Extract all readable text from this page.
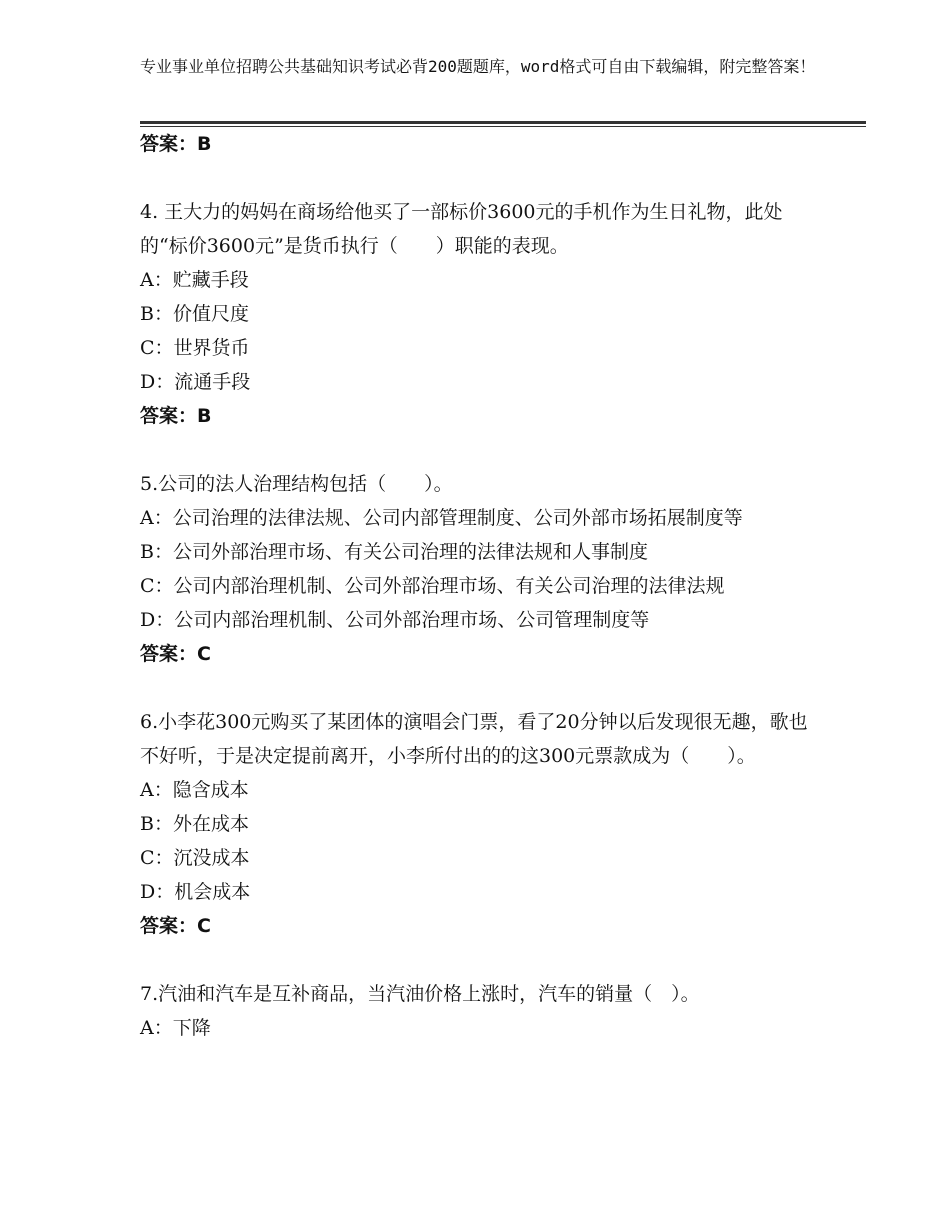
专业事业单位招聘公共基础知识考试必背200题题库，word格式可自由下载编辑，附完整答案！
答案：B
4. 王大力的妈妈在商场给他买了一部标价3600元的手机作为生日礼物，此处的“标价3600元”是货币执行（　　）职能的表现。
A：贮藏手段
B：价值尺度
C：世界货币
D：流通手段
答案：B
5.公司的法人治理结构包括（　　）。
A：公司治理的法律法规、公司内部管理制度、公司外部市场拓展制度等
B：公司外部治理市场、有关公司治理的法律法规和人事制度
C：公司内部治理机制、公司外部治理市场、有关公司治理的法律法规
D：公司内部治理机制、公司外部治理市场、公司管理制度等
答案：C
6.小李花300元购买了某团体的演唱会门票，看了20分钟以后发现很无趣，歌也不好听，于是决定提前离开，小李所付出的的这300元票款成为（　　）。
A：隐含成本
B：外在成本
C：沉没成本
D：机会成本
答案：C
7.汽油和汽车是互补商品，当汽油价格上涨时，汽车的销量（　）。
A：下降
